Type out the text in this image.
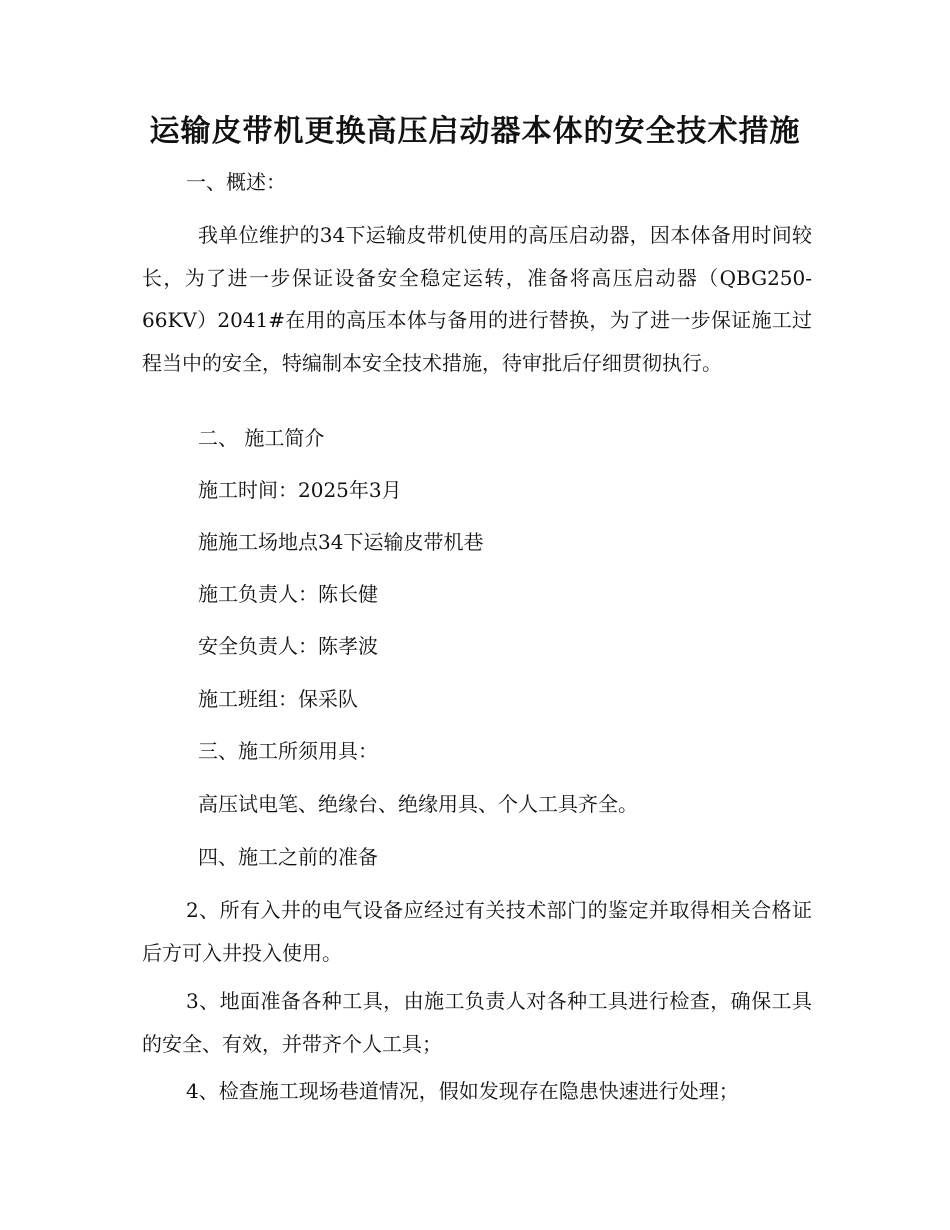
运输皮带机更换高压启动器本体的安全技术措施

一、概述：

我单位维护的34下运输皮带机使用的高压启动器，因本体备用时间较长，为了进一步保证设备安全稳定运转，准备将高压启动器（QBG250-66KV）2041#在用的高压本体与备用的进行替换，为了进一步保证施工过程当中的安全，特编制本安全技术措施，待审批后仔细贯彻执行。

二、 施工简介

施工时间：2025年3月

施施工场地点34下运输皮带机巷

施工负责人：陈长健

安全负责人：陈孝波

施工班组：保采队

三、施工所须用具：

高压试电笔、绝缘台、绝缘用具、个人工具齐全。

四、施工之前的准备

2、所有入井的电气设备应经过有关技术部门的鉴定并取得相关合格证后方可入井投入使用。

3、地面准备各种工具，由施工负责人对各种工具进行检查，确保工具的安全、有效，并带齐个人工具；

4、检查施工现场巷道情况，假如发现存在隐患快速进行处理；
